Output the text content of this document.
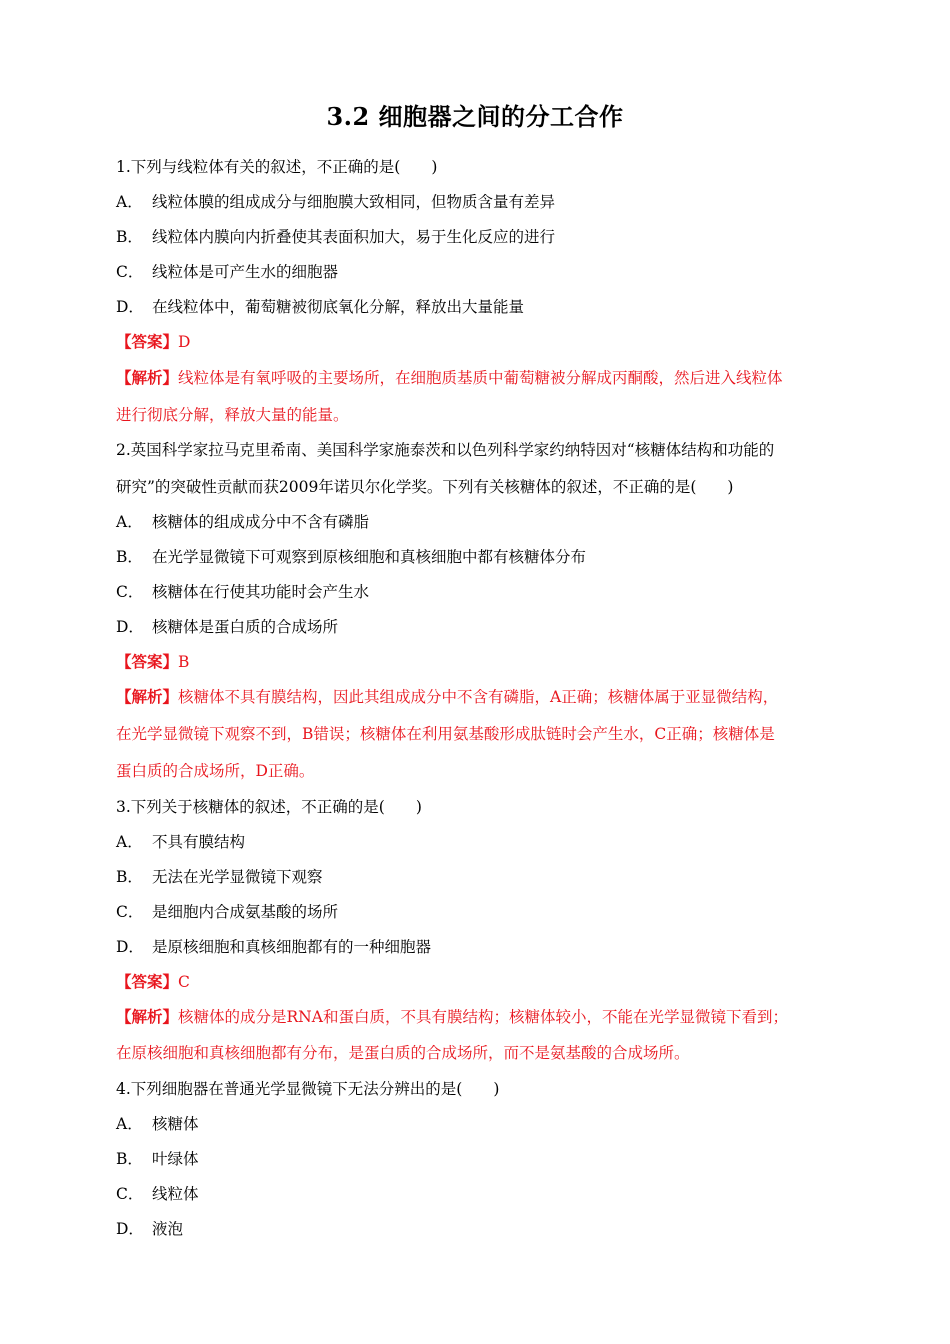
3.2 细胞器之间的分工合作
1.下列与线粒体有关的叙述，不正确的是(　　)
A． 线粒体膜的组成成分与细胞膜大致相同，但物质含量有差异
B． 线粒体内膜向内折叠使其表面积加大，易于生化反应的进行
C． 线粒体是可产生水的细胞器
D． 在线粒体中，葡萄糖被彻底氧化分解，释放出大量能量
【答案】D
【解析】线粒体是有氧呼吸的主要场所，在细胞质基质中葡萄糖被分解成丙酮酸，然后进入线粒体
进行彻底分解，释放大量的能量。
2.英国科学家拉马克里希南、美国科学家施泰茨和以色列科学家约纳特因对“核糖体结构和功能的
研究”的突破性贡献而获2009年诺贝尔化学奖。下列有关核糖体的叙述，不正确的是(　　)
A． 核糖体的组成成分中不含有磷脂
B． 在光学显微镜下可观察到原核细胞和真核细胞中都有核糖体分布
C． 核糖体在行使其功能时会产生水
D． 核糖体是蛋白质的合成场所
【答案】B
【解析】核糖体不具有膜结构，因此其组成成分中不含有磷脂，A正确；核糖体属于亚显微结构，
在光学显微镜下观察不到，B错误；核糖体在利用氨基酸形成肽链时会产生水，C正确；核糖体是
蛋白质的合成场所，D正确。
3.下列关于核糖体的叙述，不正确的是(　　)
A． 不具有膜结构
B． 无法在光学显微镜下观察
C． 是细胞内合成氨基酸的场所
D． 是原核细胞和真核细胞都有的一种细胞器
【答案】C
【解析】核糖体的成分是RNA和蛋白质，不具有膜结构；核糖体较小，不能在光学显微镜下看到；
在原核细胞和真核细胞都有分布，是蛋白质的合成场所，而不是氨基酸的合成场所。
4.下列细胞器在普通光学显微镜下无法分辨出的是(　　)
A． 核糖体
B． 叶绿体
C． 线粒体
D． 液泡
